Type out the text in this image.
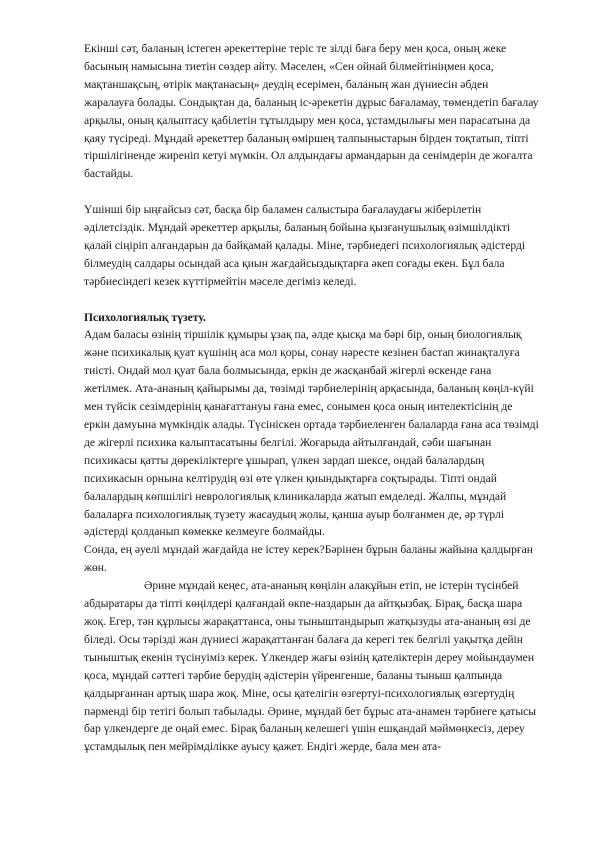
Екінші сәт, баланың істеген әрекеттеріне теріс те зілді баға беру мен қоса, оның жеке басының намысына тиетін сөздер айту. Мәселен, «Сен ойнай білмейтініңмен қоса, мақтаншақсың, өтірік мақтанасың» деудің есерімен, баланың жан дүниесін әбден жаралауға болады. Сондықтан да, баланың іс-әрекетін дұрыс бағаламау, төмендетіп бағалау арқылы, оның қалыптасу қабілетін тұтылдыру мен қоса, ұстамдылығы мен парасатына да қаяу түсіреді. Мұндай әрекеттер баланың өміршең талпыныстарын бірден тоқтатып, тіпті тіршілігіненде жиреніп кетуі мүмкін. Ол алдындағы армандарын да сенімдерін де жоғалта бастайды.

Үшінші бір ыңғайсыз сәт, басқа бір баламен салыстыра бағалаудағы жіберілетін әділетсіздік. Мұндай әрекеттер арқылы, баланың бойына қызғанушылық өзімшілдікті қалай сіңіріп алғандарын да байқамай қалады. Міне, тәрбиедегі психологиялық әдістерді білмеудің салдары осындай аса қиын жағдайсыздықтарға әкеп соғады екен. Бұл бала тәрбиесіндегі кезек күттірмейтін мәселе дегіміз келеді.

Психологиялық түзету.

Адам баласы өзінің тіршілік құмыры ұзақ па, әлде қысқа ма бәрі бір, оның биологиялық және психикалық қуат күшінің аса мол қоры, сонау нәресте кезінен бастап жинақталуға тиісті. Ондай мол қуат бала болмысында, еркін де жасқанбай жігерлі өскенде ғана жетілмек. Ата-ананың қайырымы да, төзімді тәрбиелерінің арқасында, баланың көңіл-күйі мен түйсік сезімдерінің қанағаттануы ғана емес, сонымен қоса оның интелектісінің де еркін дамуына мүмкіндік алады. Түсініскен ортада тәрбиеленген балаларда ғана аса төзімді де жігерлі психика калыптасатыны белгілі. Жоғарыда айтылғандай, сәби шағынан психикасы қатты дөрекіліктерге ұшырап, үлкен зардап шексе, ондай балалардың психикасын орнына келтірудің өзі өте үлкен қиындықтарға соқтырады. Тіпті ондай балалардың көпшілігі неврологиялық клиникаларда жатып емделеді. Жалпы, мұндай балаларға психологиялық түзету жасаудың жолы, қанша ауыр болғанмен де, әр түрлі әдістерді қолданып көмекке келмеуге болмайды.

Сонда, ең әуелі мұндай жағдайда не істеу керек?Бәрінен бұрын баланы жайына қалдырған жөн.

Әрине мұндай кеңес, ата-ананың көңілін алакұйын етіп, не істерін түсінбей абдыратары да тіпті көңілдері қалғандай өкпе-наздарын да айтқызбақ. Бірақ, басқа шара жоқ. Егер, тән құрлысы жарақаттанса, оны тыныштандырып жатқызуды ата-ананың өзі де біледі. Осы тәрізді жан дүниесі жарақаттанған балаға да керегі тек белгілі уақытқа дейін тыныштық екенін түсінуіміз керек. Үлкендер жағы өзінің қателіктерін дереу мойындаумен қоса, мұндай сәттегі тәрбие берудің әдістерін үйренгенше, баланы тыныш қалпында қалдырғаннан артық шара жоқ. Міне, осы қателігін өзгертуі-психологиялық өзгертудің пәрменді бір тетігі болып табылады. Әрине, мұндай бет бұрыс ата-анамен тәрбиеге қатысы бар үлкендерге де оңай емес. Бірақ баланың келешегі үшін ешқандай мәймөңкесіз, дереу ұстамдылық пен мейрімділікке ауысу қажет. Ендігі жерде, бала мен ата-
